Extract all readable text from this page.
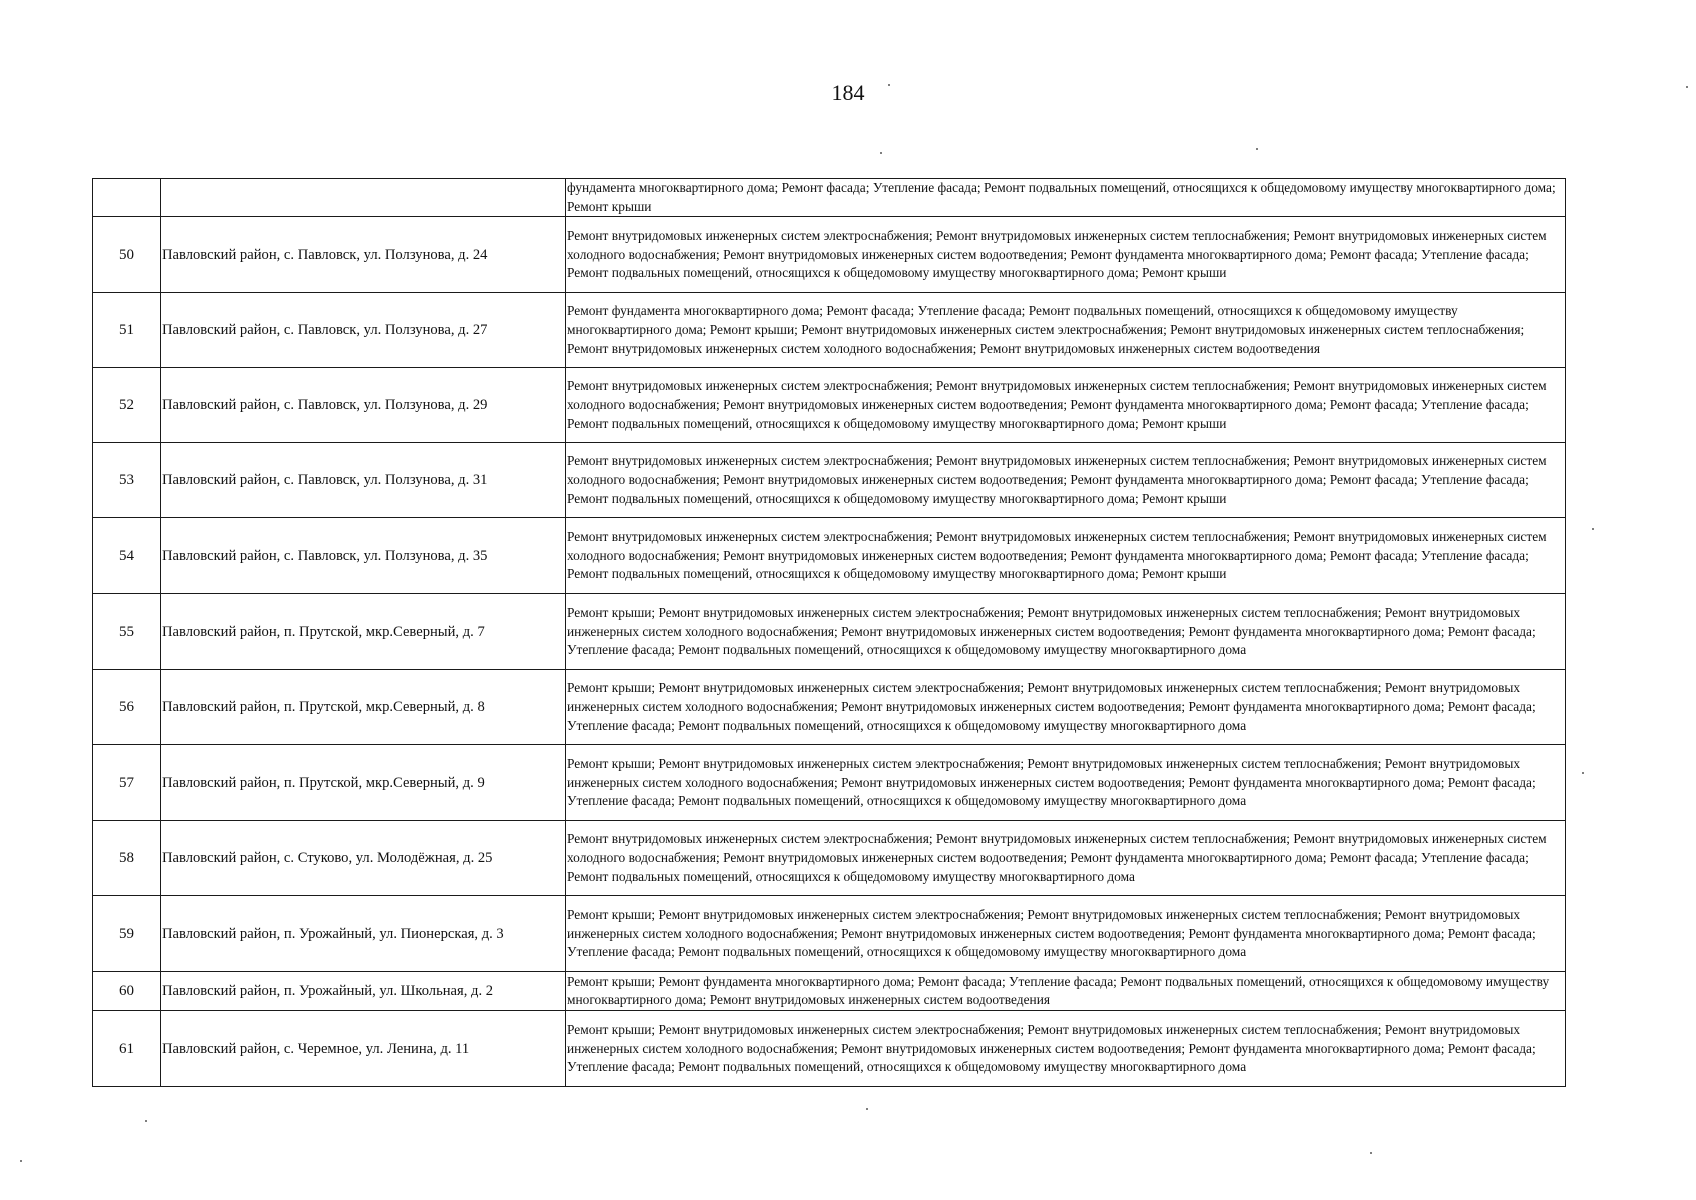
184
		фундамента многоквартирного дома; Ремонт фасада; Утепление фасада; Ремонт подвальных помещений, относящихся к общедомовому имуществу многоквартирного дома; Ремонт крыши
50	Павловский район, с. Павловск, ул. Ползунова, д. 24	Ремонт внутридомовых инженерных систем электроснабжения; Ремонт внутридомовых инженерных систем теплоснабжения; Ремонт внутридомовых инженерных систем холодного водоснабжения; Ремонт внутридомовых инженерных систем водоотведения; Ремонт фундамента многоквартирного дома; Ремонт фасада; Утепление фасада; Ремонт подвальных помещений, относящихся к общедомовому имуществу многоквартирного дома; Ремонт крыши
51	Павловский район, с. Павловск, ул. Ползунова, д. 27	Ремонт фундамента многоквартирного дома; Ремонт фасада; Утепление фасада; Ремонт подвальных помещений, относящихся к общедомовому имуществу многоквартирного дома; Ремонт крыши; Ремонт внутридомовых инженерных систем электроснабжения; Ремонт внутридомовых инженерных систем теплоснабжения; Ремонт внутридомовых инженерных систем холодного водоснабжения; Ремонт внутридомовых инженерных систем водоотведения
52	Павловский район, с. Павловск, ул. Ползунова, д. 29	Ремонт внутридомовых инженерных систем электроснабжения; Ремонт внутридомовых инженерных систем теплоснабжения; Ремонт внутридомовых инженерных систем холодного водоснабжения; Ремонт внутридомовых инженерных систем водоотведения; Ремонт фундамента многоквартирного дома; Ремонт фасада; Утепление фасада; Ремонт подвальных помещений, относящихся к общедомовому имуществу многоквартирного дома; Ремонт крыши
53	Павловский район, с. Павловск, ул. Ползунова, д. 31	Ремонт внутридомовых инженерных систем электроснабжения; Ремонт внутридомовых инженерных систем теплоснабжения; Ремонт внутридомовых инженерных систем холодного водоснабжения; Ремонт внутридомовых инженерных систем водоотведения; Ремонт фундамента многоквартирного дома; Ремонт фасада; Утепление фасада; Ремонт подвальных помещений, относящихся к общедомовому имуществу многоквартирного дома; Ремонт крыши
54	Павловский район, с. Павловск, ул. Ползунова, д. 35	Ремонт внутридомовых инженерных систем электроснабжения; Ремонт внутридомовых инженерных систем теплоснабжения; Ремонт внутридомовых инженерных систем холодного водоснабжения; Ремонт внутридомовых инженерных систем водоотведения; Ремонт фундамента многоквартирного дома; Ремонт фасада; Утепление фасада; Ремонт подвальных помещений, относящихся к общедомовому имуществу многоквартирного дома; Ремонт крыши
55	Павловский район, п. Прутской, мкр.Северный, д. 7	Ремонт крыши; Ремонт внутридомовых инженерных систем электроснабжения; Ремонт внутридомовых инженерных систем теплоснабжения; Ремонт внутридомовых инженерных систем холодного водоснабжения; Ремонт внутридомовых инженерных систем водоотведения; Ремонт фундамента многоквартирного дома; Ремонт фасада; Утепление фасада; Ремонт подвальных помещений, относящихся к общедомовому имуществу многоквартирного дома
56	Павловский район, п. Прутской, мкр.Северный, д. 8	Ремонт крыши; Ремонт внутридомовых инженерных систем электроснабжения; Ремонт внутридомовых инженерных систем теплоснабжения; Ремонт внутридомовых инженерных систем холодного водоснабжения; Ремонт внутридомовых инженерных систем водоотведения; Ремонт фундамента многоквартирного дома; Ремонт фасада; Утепление фасада; Ремонт подвальных помещений, относящихся к общедомовому имуществу многоквартирного дома
57	Павловский район, п. Прутской, мкр.Северный, д. 9	Ремонт крыши; Ремонт внутридомовых инженерных систем электроснабжения; Ремонт внутридомовых инженерных систем теплоснабжения; Ремонт внутридомовых инженерных систем холодного водоснабжения; Ремонт внутридомовых инженерных систем водоотведения; Ремонт фундамента многоквартирного дома; Ремонт фасада; Утепление фасада; Ремонт подвальных помещений, относящихся к общедомовому имуществу многоквартирного дома
58	Павловский район, с. Стуково, ул. Молодёжная, д. 25	Ремонт внутридомовых инженерных систем электроснабжения; Ремонт внутридомовых инженерных систем теплоснабжения; Ремонт внутридомовых инженерных систем холодного водоснабжения; Ремонт внутридомовых инженерных систем водоотведения; Ремонт фундамента многоквартирного дома; Ремонт фасада; Утепление фасада; Ремонт подвальных помещений, относящихся к общедомовому имуществу многоквартирного дома
59	Павловский район, п. Урожайный, ул. Пионерская, д. 3	Ремонт крыши; Ремонт внутридомовых инженерных систем электроснабжения; Ремонт внутридомовых инженерных систем теплоснабжения; Ремонт внутридомовых инженерных систем холодного водоснабжения; Ремонт внутридомовых инженерных систем водоотведения; Ремонт фундамента многоквартирного дома; Ремонт фасада; Утепление фасада; Ремонт подвальных помещений, относящихся к общедомовому имуществу многоквартирного дома
60	Павловский район, п. Урожайный, ул. Школьная, д. 2	Ремонт крыши; Ремонт фундамента многоквартирного дома; Ремонт фасада; Утепление фасада; Ремонт подвальных помещений, относящихся к общедомовому имуществу многоквартирного дома; Ремонт внутридомовых инженерных систем водоотведения
61	Павловский район, с. Черемное, ул. Ленина, д. 11	Ремонт крыши; Ремонт внутридомовых инженерных систем электроснабжения; Ремонт внутридомовых инженерных систем теплоснабжения; Ремонт внутридомовых инженерных систем холодного водоснабжения; Ремонт внутридомовых инженерных систем водоотведения; Ремонт фундамента многоквартирного дома; Ремонт фасада; Утепление фасада; Ремонт подвальных помещений, относящихся к общедомовому имуществу многоквартирного дома
